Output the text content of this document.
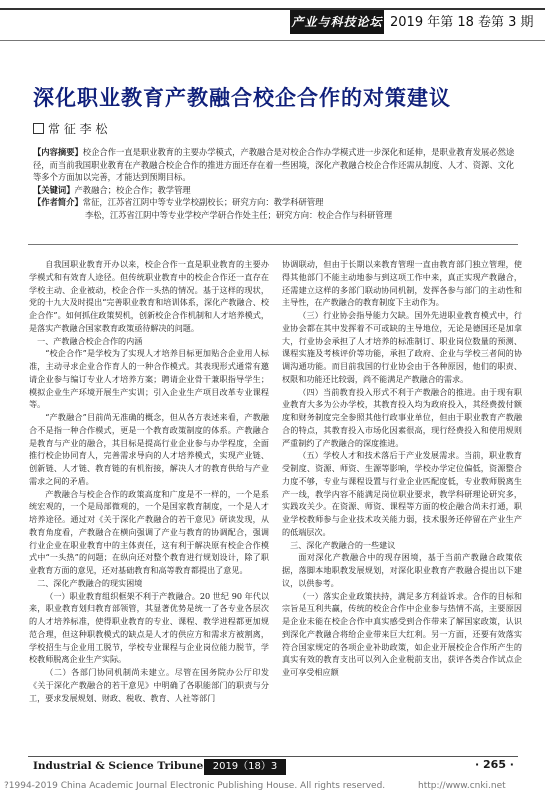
产业与科技论坛 2019 年第 18 卷第 3 期
深化职业教育产教融合校企合作的对策建议
常 征 李 松

【内容摘要】校企合作一直是职业教育的主要办学模式，产教融合是对校企合作办学模式进一步深化和延伸，是职业教育发展必然途径，而当前我国职业教育在产教融合校企合作的推进方面还存在着一些困境，深化产教融合校企合作还需从制度、人才、资源、文化等多个方面加以完善，才能达到预期目标。

【关键词】产教融合；校企合作；教学管理

【作者简介】常征，江苏省江阴中等专业学校副校长；研究方向：教学科研管理

李松，江苏省江阴中等专业学校产学研合作处主任；研究方向：校企合作与科研管理

自我国职业教育开办以来，校企合作一直是职业教育的主要办学模式和有效育人途径。但传统职业教育中的校企合作还一直存在学校主动、企业被动，校企合作一头热的情况。基于这样的现状，党的十九大及时提出“完善职业教育和培训体系，深化产教融合、校企合作”。如何抓住政策契机，创新校企合作机制和人才培养模式，是落实产教融合国家教育政策亟待解决的问题。

一、产教融合校企合作的内涵

“校企合作”是学校为了实现人才培养目标更加贴合企业用人标准，主动寻求企业合作育人的一种合作模式。其表现形式通常有邀请企业参与编订专业人才培养方案；聘请企业骨干兼职指导学生；模拟企业生产环境开展生产实训；引入企业生产项目改革专业课程等。

“产教融合”目前尚无准确的概念，但从各方表述来看，产教融合不是指一种合作模式，更是一个教育政策制度的体系。产教融合是教育与产业的融合，其目标是提高行业企业参与办学程度，全面推行校企协同育人，完善需求导向的人才培养模式，实现产业链、创新链、人才链、教育链的有机衔接，解决人才的教育供给与产业需求之间的矛盾。

产教融合与校企合作的政策高度和广度是不一样的，一个是系统宏观的，一个是局部微观的，一个是国家教育制度，一个是人才培养途径。通过对《关于深化产教融合的若干意见》研读发现，从教育角度看，产教融合在横向强调了产业与教育的协调配合，强调行业企业在职业教育中的主体责任，这有利于解决原有校企合作模式中“一头热”的问题；在纵向还对整个教育进行规划设计，除了职业教育方面的意见，还对基础教育和高等教育都提出了意见。

二、深化产教融合的现实困境

（一）职业教育组织框架不利于产教融合。20 世纪 90 年代以来，职业教育划归教育部领管，其显著优势是统一了各专业各层次的人才培养标准，使得职业教育的专业、课程、教学进程都更加规范合理，但这种职教模式的缺点是人才的供应方和需求方被割离，学校招生与企业用工脱节，学校专业课程与企业岗位能力脱节，学校教师脱离企业生产实际。

（二）各部门协同机制尚未建立。尽管在国务院办公厅印发《关于深化产教融合的若干意见》中明确了各职能部门的职责与分工，要求发展规划、财政、税收、教育、人社等部门

协调联动，但由于长期以来教育管理一直由教育部门独立管理，使得其他部门不能主动地参与到这项工作中来，真正实现产教融合，还需建立这样的多部门联动协同机制，发挥各参与部门的主动性和主导性，在产教融合的教育制度下主动作为。

（三）行业协会指导能力欠缺。国外先进职业教育模式中，行业协会都在其中发挥着不可或缺的主导地位，无论是德国还是加拿大，行业协会承担了人才培养的标准制订、职业岗位数量的预测、课程实施及考核评价等功能，承担了政府、企业与学校三者间的协调沟通功能。而目前我国的行业协会由于各种原因，他们的职责、权限和功能还比较弱，尚不能满足产教融合的需求。

（四）当前教育投入形式不利于产教融合的推进。由于现有职业教育大多为公办学校，其教育投入均为政府投入，其经费拨付额度和财务制度完全参照其他行政事业单位，但由于职业教育产教融合的特点，其教育投入市场化因素很高，现行经费投入和使用规则严重制约了产教融合的深度推进。

（五）学校人才和技术落后于产业发展需求。当前，职业教育受制度、资源、师资、生源等影响，学校办学定位偏低，资源整合力度不够，专业与课程设置与行业企业匹配度低，专业教师脱离生产一线，教学内容不能满足岗位职业要求，教学科研理论研究多，实践攻关少。在资源、师资、课程等方面的校企融合尚未打通，职业学校教师参与企业技术攻关能力弱，技术服务还停留在产业生产的低端层次。

三、深化产教融合的一些建议

面对深化产教融合中的现存困境，基于当前产教融合政策依据，落脚本地职教发展规划，对深化职业教育产教融合提出以下建议，以供参考。

（一）落实企业政策扶持，满足多方利益诉求。合作的目标和宗旨是互利共赢，传统的校企合作中企业参与热情不高，主要原因是企业未能在校企合作中真实感受到合作带来了解国家政策，认识到深化产教融合将给企业带来巨大红利。另一方面，还要有效落实符合国家规定的各项企业补助政策，如企业开展校企合作所产生的真实有效的教育支出可以列入企业税前支出，获评各类合作试点企业可享受相应额

Industrial & Science Tribune 2019（18）3	· 265 ·
?1994-2019 China Academic Journal Electronic Publishing House. All rights reserved.	http://www.cnki.net
